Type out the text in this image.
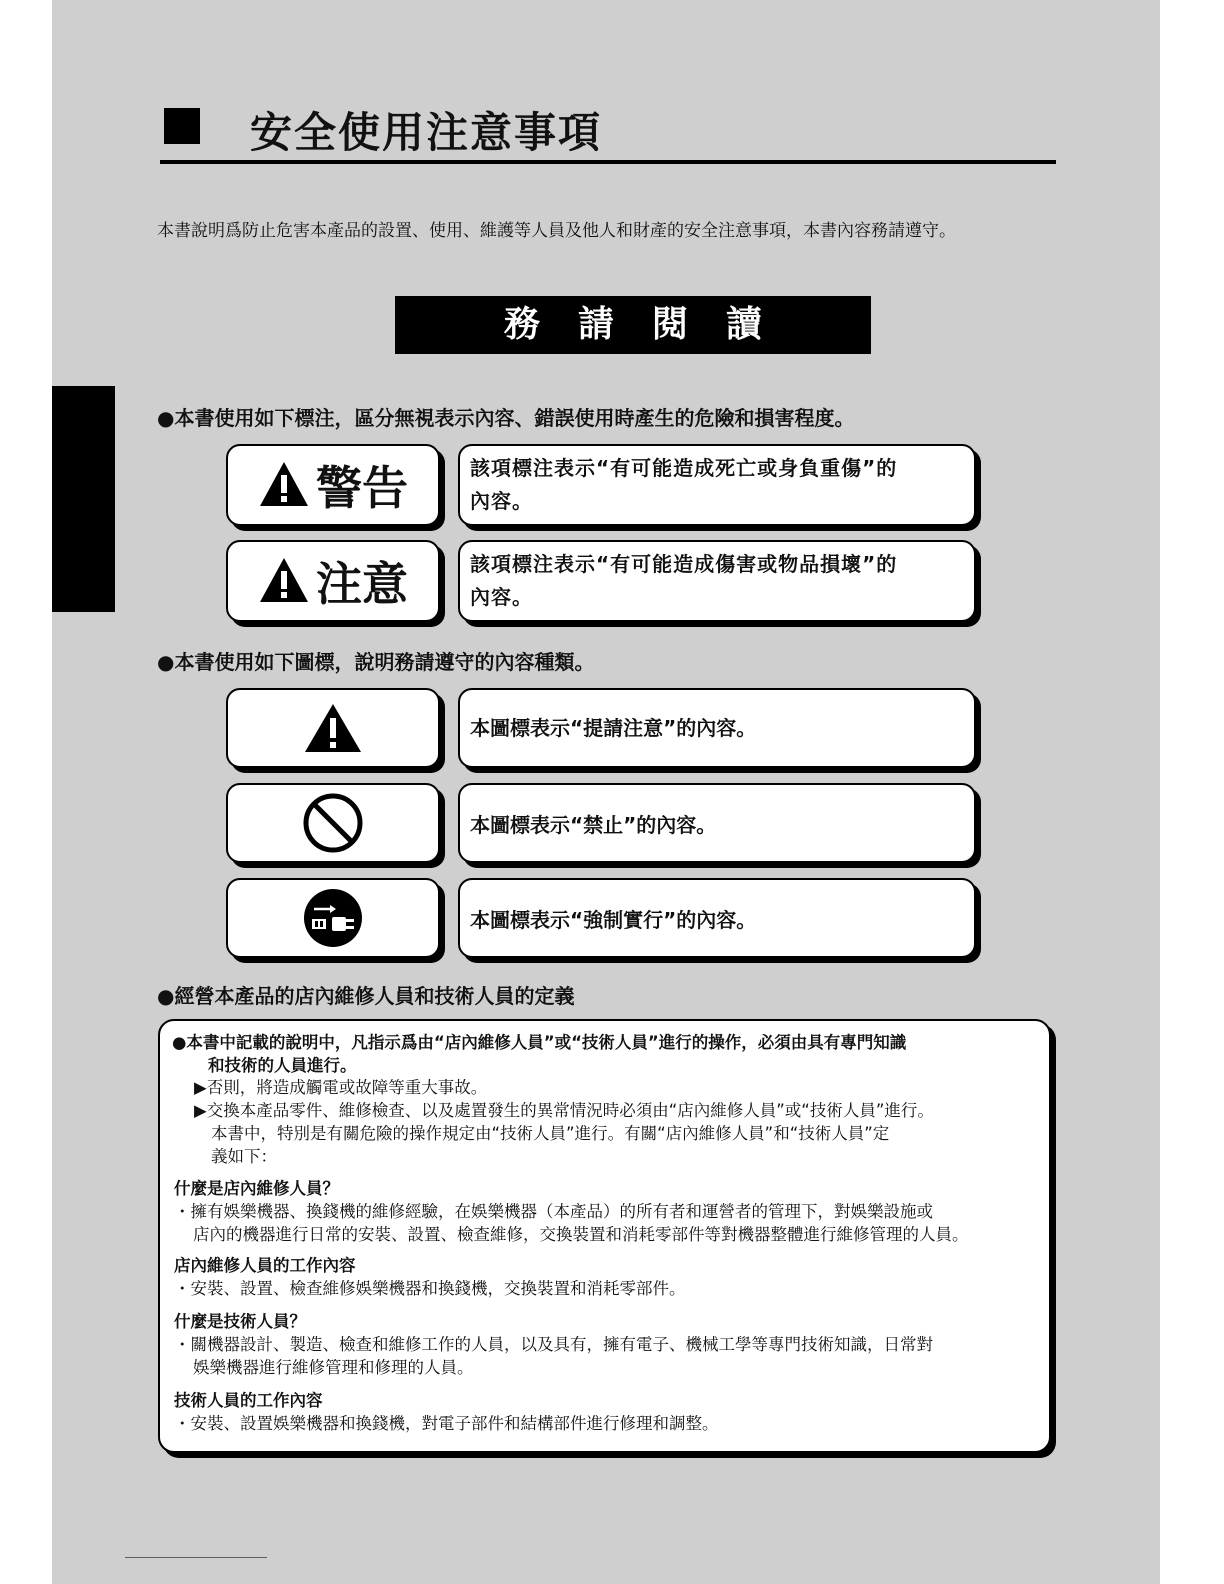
安全使用注意事項
本書說明爲防止危害本產品的設置、使用、維護等人員及他人和財產的安全注意事項，本書內容務請遵守。
務請閱讀
●本書使用如下標注，區分無視表示內容、錯誤使用時產生的危險和損害程度。
警告	該項標注表示“有可能造成死亡或身負重傷”的
內容。
注意	該項標注表示“有可能造成傷害或物品損壞”的
內容。
●本書使用如下圖標，說明務請遵守的內容種類。
本圖標表示“提請注意”的內容。
本圖標表示“禁止”的內容。
本圖標表示“強制實行”的內容。
●經營本產品的店內維修人員和技術人員的定義
●本書中記載的說明中，凡指示爲由“店內維修人員”或“技術人員”進行的操作，必須由具有專門知識
和技術的人員進行。
▶否則，將造成觸電或故障等重大事故。
▶交換本產品零件、維修檢查、以及處置發生的異常情況時必須由“店內維修人員”或“技術人員”進行。
本書中，特別是有關危險的操作規定由“技術人員”進行。有關“店內維修人員”和“技術人員”定
義如下：
什麼是店內維修人員？
・擁有娛樂機器、換錢機的維修經驗，在娛樂機器（本產品）的所有者和運營者的管理下，對娛樂設施或
店內的機器進行日常的安裝、設置、檢查維修，交換裝置和消耗零部件等對機器整體進行維修管理的人員。
店內維修人員的工作內容
・安裝、設置、檢查維修娛樂機器和換錢機，交換裝置和消耗零部件。
什麼是技術人員？
・關機器設計、製造、檢查和維修工作的人員，以及具有，擁有電子、機械工學等專門技術知識，日常對
娛樂機器進行維修管理和修理的人員。
技術人員的工作內容
・安裝、設置娛樂機器和換錢機，對電子部件和結構部件進行修理和調整。
